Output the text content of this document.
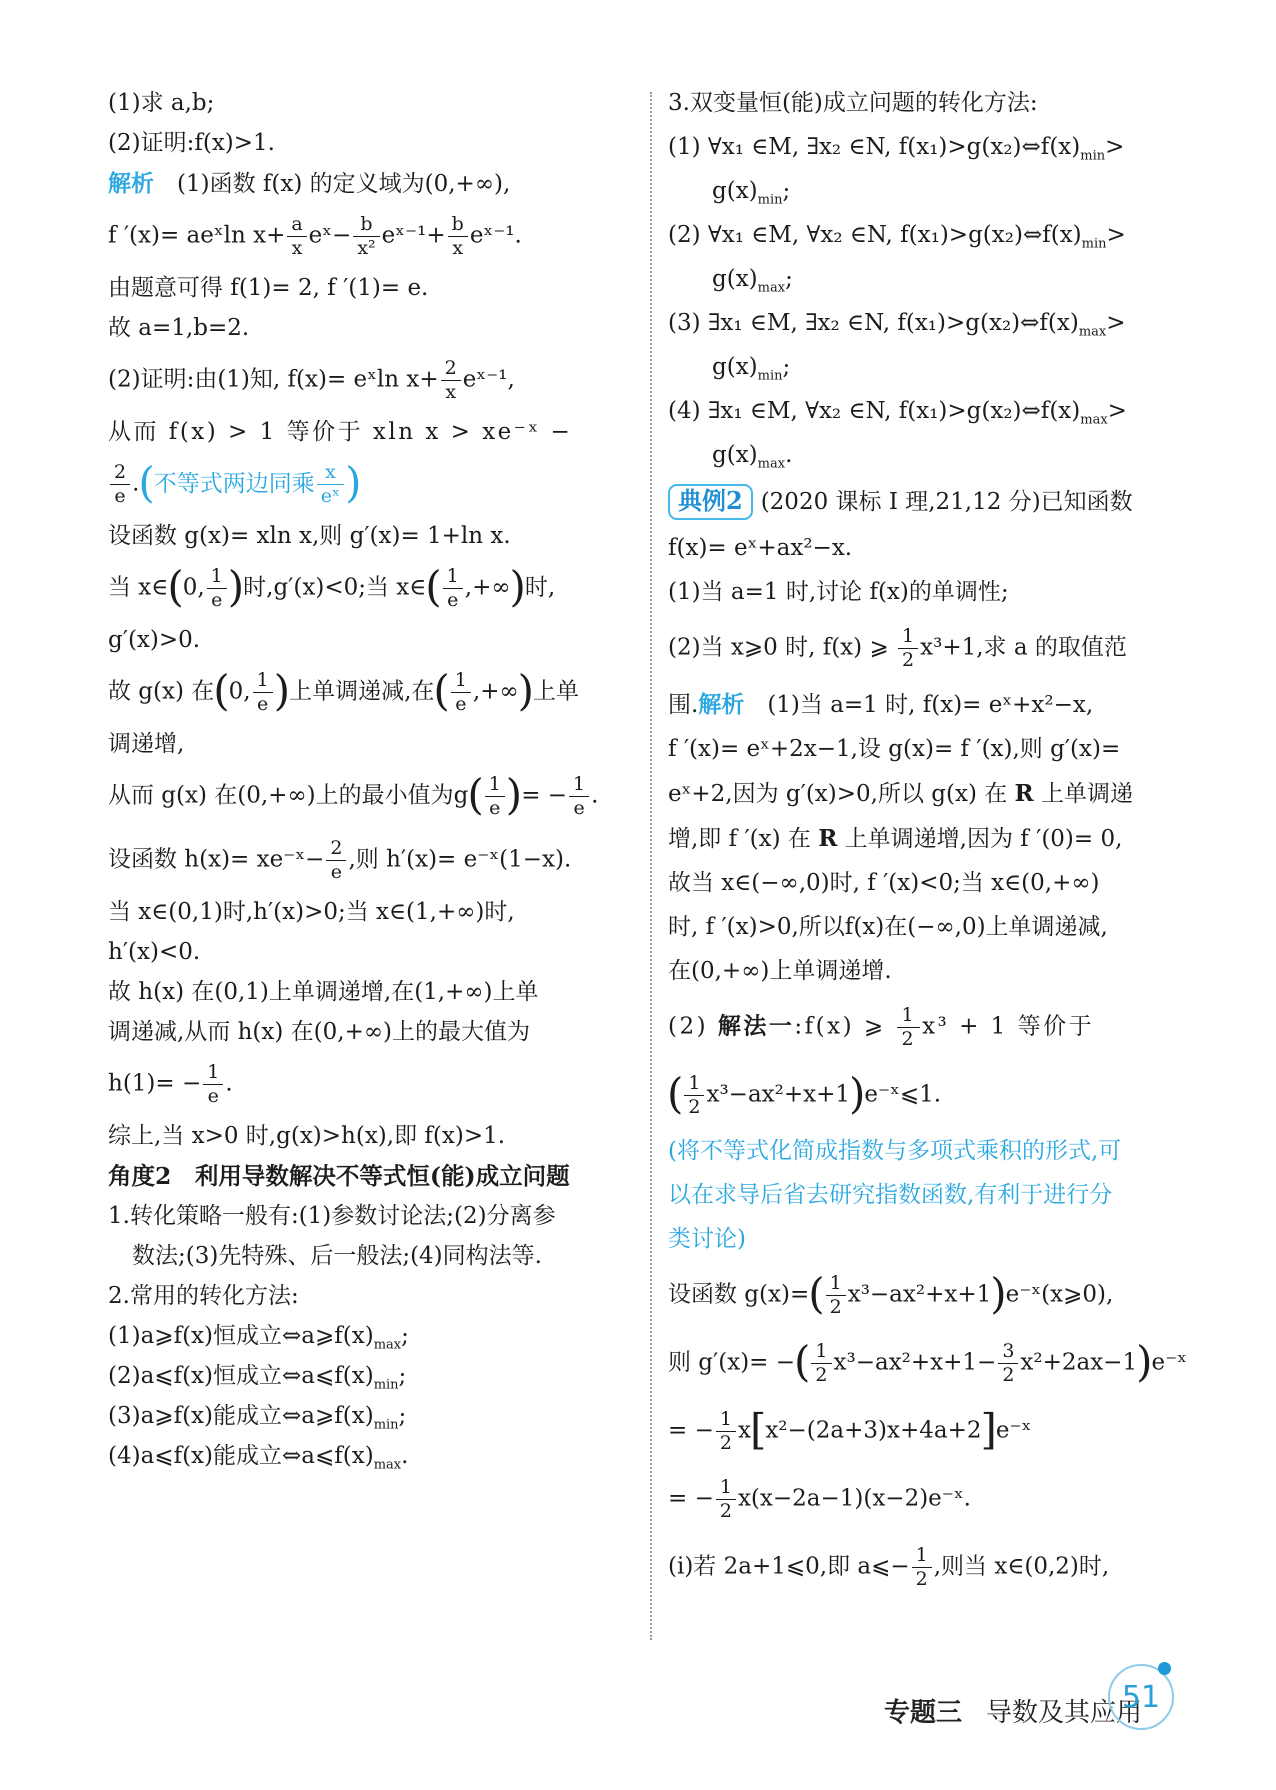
(1)求 a,b;
(2)证明:f(x)>1.
解析　(1)函数 f(x) 的定义域为(0,+∞),
f ′(x)= aeˣln $x+ \frac{a}{x}$ eˣ− $\frac{b}{\text{x²}}$ eˣ⁻¹+ $\frac{b}{x}$ eˣ⁻¹.
由题意可得 f(1)= 2, f ′(1)= e.
故 a=1,b=2.
(2)证明:由(1)知, f(x)= eˣln $x+ \frac{2}{x}$ eˣ⁻¹,
从而 f(x) > 1 等价于 xln x > xe⁻ˣ −
$\frac{2}{e}$ .(不等式两边同乘 $\frac{x}{\text{eˣ}}$ )
设函数 g(x)= xln x,则 g′(x)= 1+ln x.
当 x∈(0, $\frac{1}{e}$ )时,g′(x)<0;当 x∈( $\frac{1}{e}$ ,+∞)时,
g′(x)>0.
故 g(x) 在(0, $\frac{1}{e}$ )上单调递减,在( $\frac{1}{e}$ ,+∞)上单
调递增,
从而 g(x) 在(0,+∞)上的最小值为$g( \frac{1}{e}$ )= − $\frac{1}{e}$ .
设函数 h(x)= xe⁻ˣ− $\frac{2}{e}$ ,则 h′(x)= e⁻ˣ(1−x).
当 x∈(0,1)时,h′(x)>0;当 x∈(1,+∞)时,
h′(x)<0.
故 h(x) 在(0,1)上单调递增,在(1,+∞)上单
调递减,从而 h(x) 在(0,+∞)上的最大值为
$h(1)= - \frac{1}{e}$ .
综上,当 x>0 时,g(x)>h(x),即 f(x)>1.
角度2　利用导数解决不等式恒(能)成立问题
1.转化策略一般有:(1)参数讨论法;(2)分离参
数法;(3)先特殊、后一般法;(4)同构法等.
2.常用的转化方法:
(1)a⩾f(x)恒成立$\Leftrightarrow a⩾f(x)_{max}$;
(2)a⩽f(x)恒成立$\Leftrightarrow a⩽f(x)_{min}$;
(3)a⩾f(x)能成立$\Leftrightarrow a⩾f(x)_{min}$;
(4)a⩽f(x)能成立$\Leftrightarrow a⩽f(x)_{max}$.
3.双变量恒(能)成立问题的转化方法:
(1) ∀x₁ ∈M, ∃x₂ ∈N, $f(x_1)>g(x_2)\Leftrightarrow f(x)_{min}>$
$g(x)_{min}$;
(2) ∀x₁ ∈M, ∀x₂ ∈N, $f(x_1)>g(x_2)\Leftrightarrow f(x)_{min}>$
$g(x)_{max}$;
(3) ∃x₁ ∈M, ∃x₂ ∈N, $f(x_1)>g(x_2)\Leftrightarrow f(x)_{max}>$
$g(x)_{min}$;
(4) ∃x₁ ∈M, ∀x₂ ∈N, $f(x_1)>g(x_2)\Leftrightarrow f(x)_{max}>$
$g(x)_{max}$.
典例2 (2020 课标 Ⅰ 理,21,12 分)已知函数
f(x)= eˣ+ax²−x.
(1)当 a=1 时,讨论 f(x)的单调性;
(2)当 x⩾0 时, f(x) ⩾ $\frac{1}{2} x^3+1$,求 a 的取值范
围.解析　(1)当 a=1 时, f(x)= eˣ+x²−x,
f ′(x)= eˣ+2x−1,设 g(x)= f ′(x),则 g′(x)=
eˣ+2,因为 g′(x)>0,所以 g(x) 在 R 上单调递
增,即 f ′(x) 在 R 上单调递增,因为 f ′(0)= 0,
故当 x∈(−∞,0)时, f ′(x)<0;当 x∈(0,+∞)
时, f ′(x)>0,所以f(x)在(−∞,0)上单调递减,
在(0,+∞)上单调递增.
(2) 解法一:f(x) ⩾ $\frac{1}{2} x^3 + 1$ 等价于
( $\frac{1}{2}$ x³−ax²+x+1)e⁻ˣ⩽1.
(将不等式化简成指数与多项式乘积的形式,可
以在求导后省去研究指数函数,有利于进行分
类讨论)
设函数 $g(x)=( \frac{1}{2}$ x³−ax²+x+1)e⁻ˣ(x⩾0),
则 g′(x)= −( $\frac{1}{2} x^3-ax^2+x+1- \frac{3}{2}$ x²+2ax−1)e⁻ˣ
= − $\frac{1}{2}$ x[x²−(2a+3)x+4a+2]e⁻ˣ
= − $\frac{1}{2}$ x(x−2a−1)(x−2)e⁻ˣ.
(i)若 2a+1⩽0,即 a⩽− $\frac{1}{2}$ ,则当 x∈(0,2)时,
专题三 导数及其应用
51
